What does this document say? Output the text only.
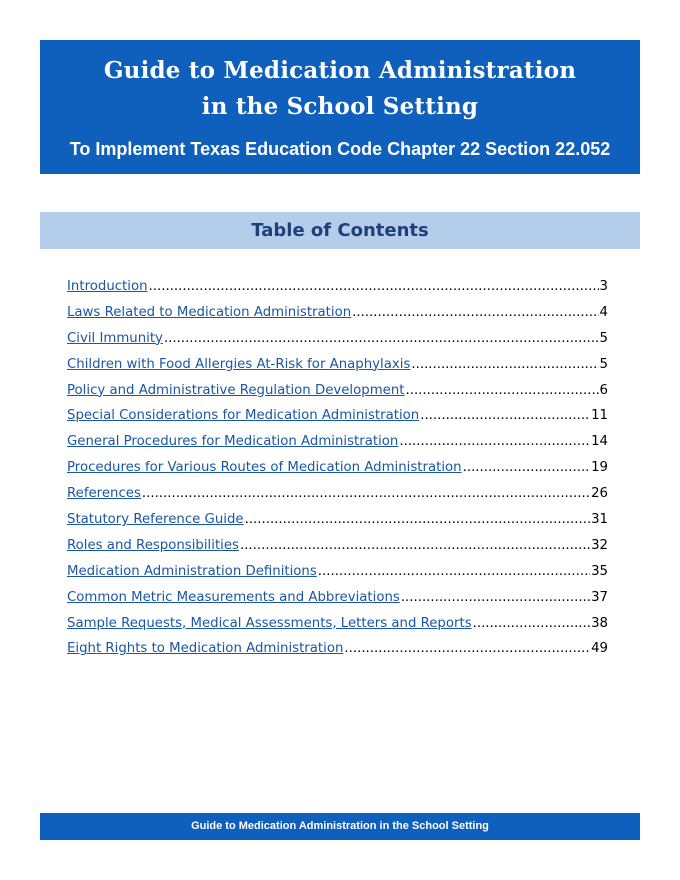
Guide to Medication Administration
in the School Setting
To Implement Texas Education Code Chapter 22 Section 22.052
Table of Contents
Introduction .....	3
Laws Related to Medication Administration .....	4
Civil Immunity .....	5
Children with Food Allergies At-Risk for Anaphylaxis .....	5
Policy and Administrative Regulation Development .....	6
Special Considerations for Medication Administration .....	11
General Procedures for Medication Administration .....	14
Procedures for Various Routes of Medication Administration .....	19
References .....	26
Statutory Reference Guide .....	31
Roles and Responsibilities .....	32
Medication Administration Definitions .....	35
Common Metric Measurements and Abbreviations .....	37
Sample Requests, Medical Assessments, Letters and Reports .....	38
Eight Rights to Medication Administration .....	49
Guide to Medication Administration in the School Setting
